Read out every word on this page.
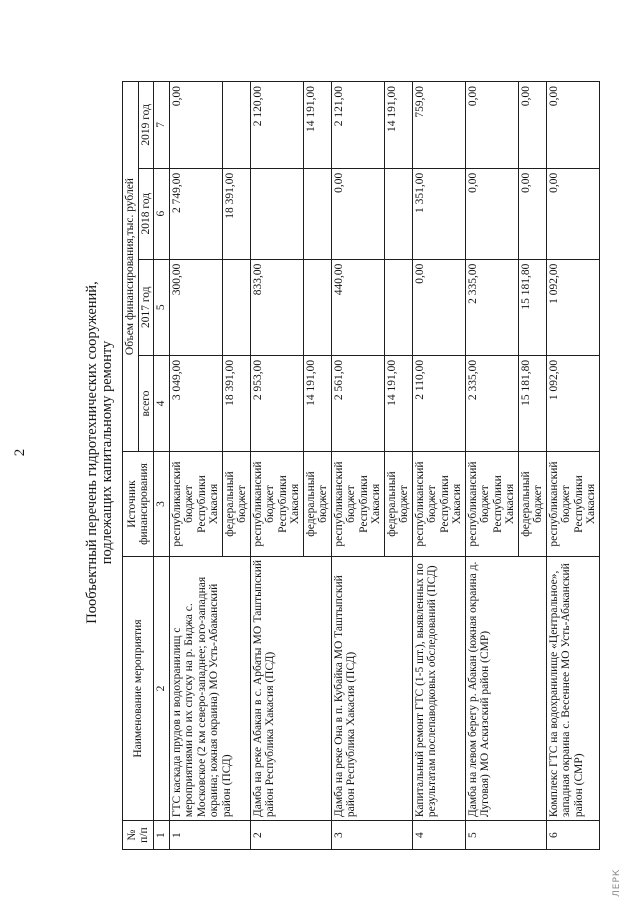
2	Пообъектный перечень гидротехнических сооружений, подлежащих капитальному ремонту
№ п/п	Наименование мероприятия	Источник финансирования	Объем финансирования,тыс. рублей			
			всего	2017 год	2018 год	2019 год
1	2	3	4	5	6	7
1	ГТС каскада прудов и водохранилищ с мероприятиями по их спуску на р. Биджа с. Московское (2 км северо-западнее; юго-западная окраина; южная окраина) МО Усть-Абаканский район (ПСД)	республиканский бюджет Республики Хакасия	3 049,00	300,00	2 749,00	0,00
		федеральный бюджет	18 391,00		18 391,00	
2	Дамба на реке Абакан в с. Арбаты МО Таштыпский район Республика Хакасия (ПСД)	республиканский бюджет Республики Хакасия	2 953,00	833,00		2 120,00
		федеральный бюджет	14 191,00			14 191,00
3	Дамба на реке Она в п. Кубайка МО Таштыпский район Республика Хакасия (ПСД)	республиканский бюджет Республики Хакасия	2 561,00	440,00	0,00	2 121,00
		федеральный бюджет	14 191,00			14 191,00
4	Капитальный ремонт ГТС (1-5 шт.), выявленных по результатам послепаводковых обследований (ПСД)	республиканский бюджет Республики Хакасия	2 110,00	0,00	1 351,00	759,00
5	Дамба на левом берегу р. Абакан (южная окраина д. Луговая) МО Аскизский район (СМР)	республиканский бюджет Республики Хакасия	2 335,00	2 335,00	0,00	0,00
		федеральный бюджет	15 181,80	15 181,80	0,00	0,00
6	Комплекс ГТС на водохранилище «Центральное», западная окраина с. Весеннее МО Усть-Абаканский район (СМР)	республиканский бюджет Республики Хакасия	1 092,00	1 092,00	0,00	0,00
ЛЕРК
